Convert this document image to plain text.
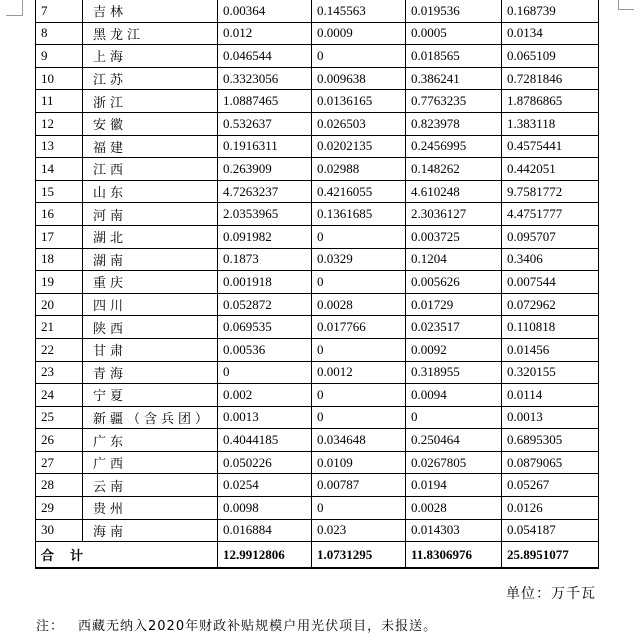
7	吉林	0.00364	0.145563	0.019536	0.168739
8	黑龙江	0.012	0.0009	0.0005	0.0134
9	上海	0.046544	0	0.018565	0.065109
10	江苏	0.3323056	0.009638	0.386241	0.7281846
11	浙江	1.0887465	0.0136165	0.7763235	1.8786865
12	安徽	0.532637	0.026503	0.823978	1.383118
13	福建	0.1916311	0.0202135	0.2456995	0.4575441
14	江西	0.263909	0.02988	0.148262	0.442051
15	山东	4.7263237	0.4216055	4.610248	9.7581772
16	河南	2.0353965	0.1361685	2.3036127	4.4751777
17	湖北	0.091982	0	0.003725	0.095707
18	湖南	0.1873	0.0329	0.1204	0.3406
19	重庆	0.001918	0	0.005626	0.007544
20	四川	0.052872	0.0028	0.01729	0.072962
21	陕西	0.069535	0.017766	0.023517	0.110818
22	甘肃	0.00536	0	0.0092	0.01456
23	青海	0	0.0012	0.318955	0.320155
24	宁夏	0.002	0	0.0094	0.0114
25	新疆（含兵团）	0.0013	0	0	0.0013
26	广东	0.4044185	0.034648	0.250464	0.6895305
27	广西	0.050226	0.0109	0.0267805	0.0879065
28	云南	0.0254	0.00787	0.0194	0.05267
29	贵州	0.0098	0	0.0028	0.0126
30	海南	0.016884	0.023	0.014303	0.054187
合 计		12.9912806	1.0731295	11.8306976	25.8951077
单位：万千瓦
注： 西藏无纳入2020年财政补贴规模户用光伏项目，未报送。
